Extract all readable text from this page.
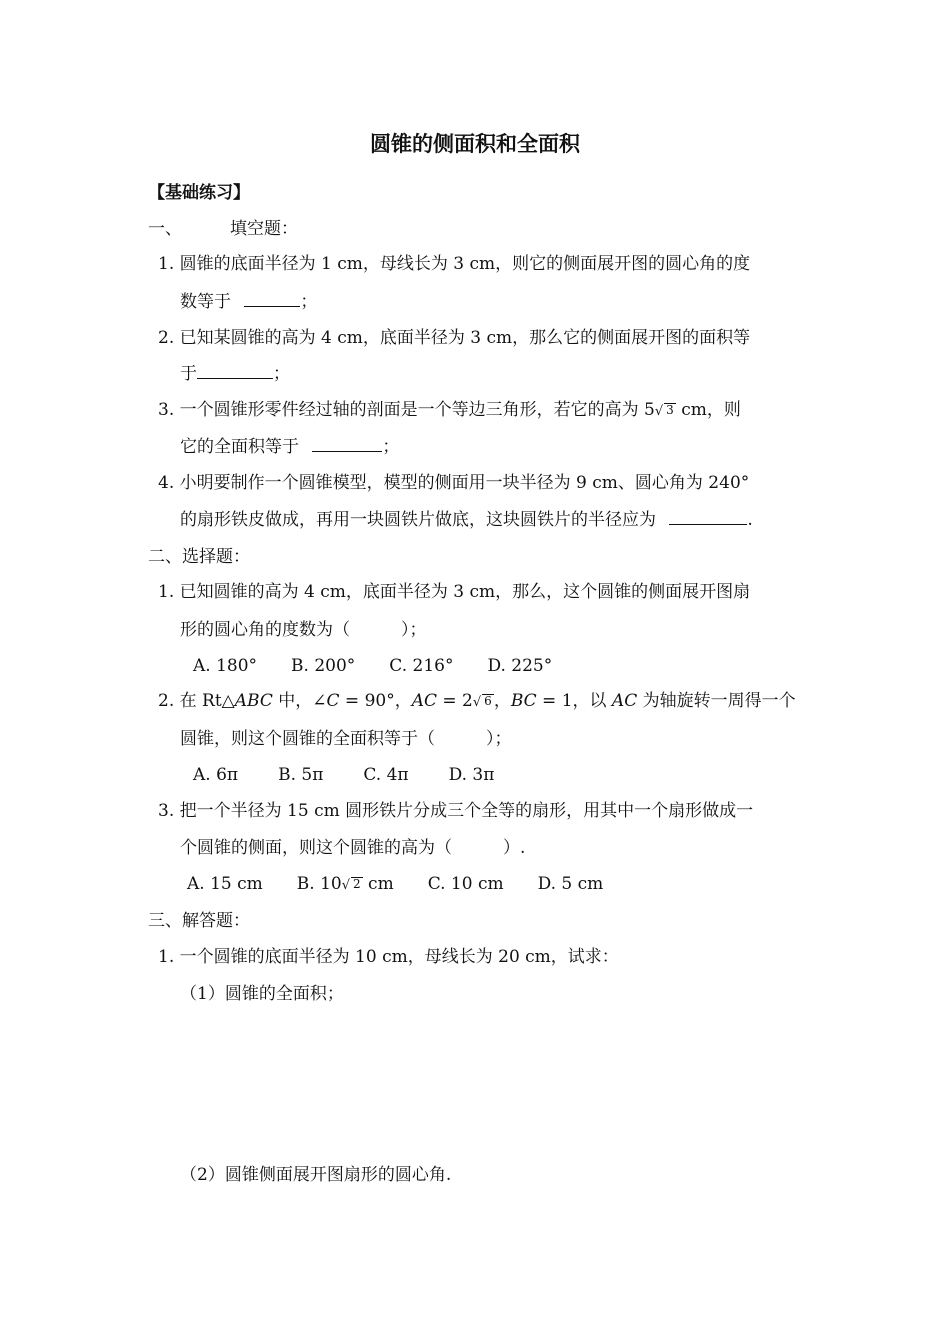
圆锥的侧面积和全面积
【基础练习】
一、	填空题：
1. 圆锥的底面半径为 1 cm，母线长为 3 cm，则它的侧面展开图的圆心角的度
数等于	；
2. 已知某圆锥的高为 4 cm，底面半径为 3 cm，那么它的侧面展开图的面积等
于	；
3. 一个圆锥形零件经过轴的剖面是一个等边三角形，若它的高为 5√ 3 cm，则
它的全面积等于	；
4. 小明要制作一个圆锥模型，模型的侧面用一块半径为 9 cm、圆心角为 240°
的扇形铁皮做成，再用一块圆铁片做底，这块圆铁片的半径应为	.
二、选择题：
1. 已知圆锥的高为 4 cm，底面半径为 3 cm，那么，这个圆锥的侧面展开图扇
形的圆心角的度数为（　　　）；
A. 180° B. 200° C. 216° D. 225°
2. 在 Rt△ABC 中，∠C = 90°，AC = 2√ 6 ，BC = 1，以 AC 为轴旋转一周得一个
圆锥，则这个圆锥的全面积等于（　　　）；
A. 6π B. 5π C. 4π D. 3π
3. 把一个半径为 15 cm 圆形铁片分成三个全等的扇形，用其中一个扇形做成一
个圆锥的侧面，则这个圆锥的高为（　　　）.
A. 15 cm B. 10√ 2 cm C. 10 cm D. 5 cm
三、解答题：
1. 一个圆锥的底面半径为 10 cm，母线长为 20 cm，试求：
（1）圆锥的全面积；
（2）圆锥侧面展开图扇形的圆心角.
